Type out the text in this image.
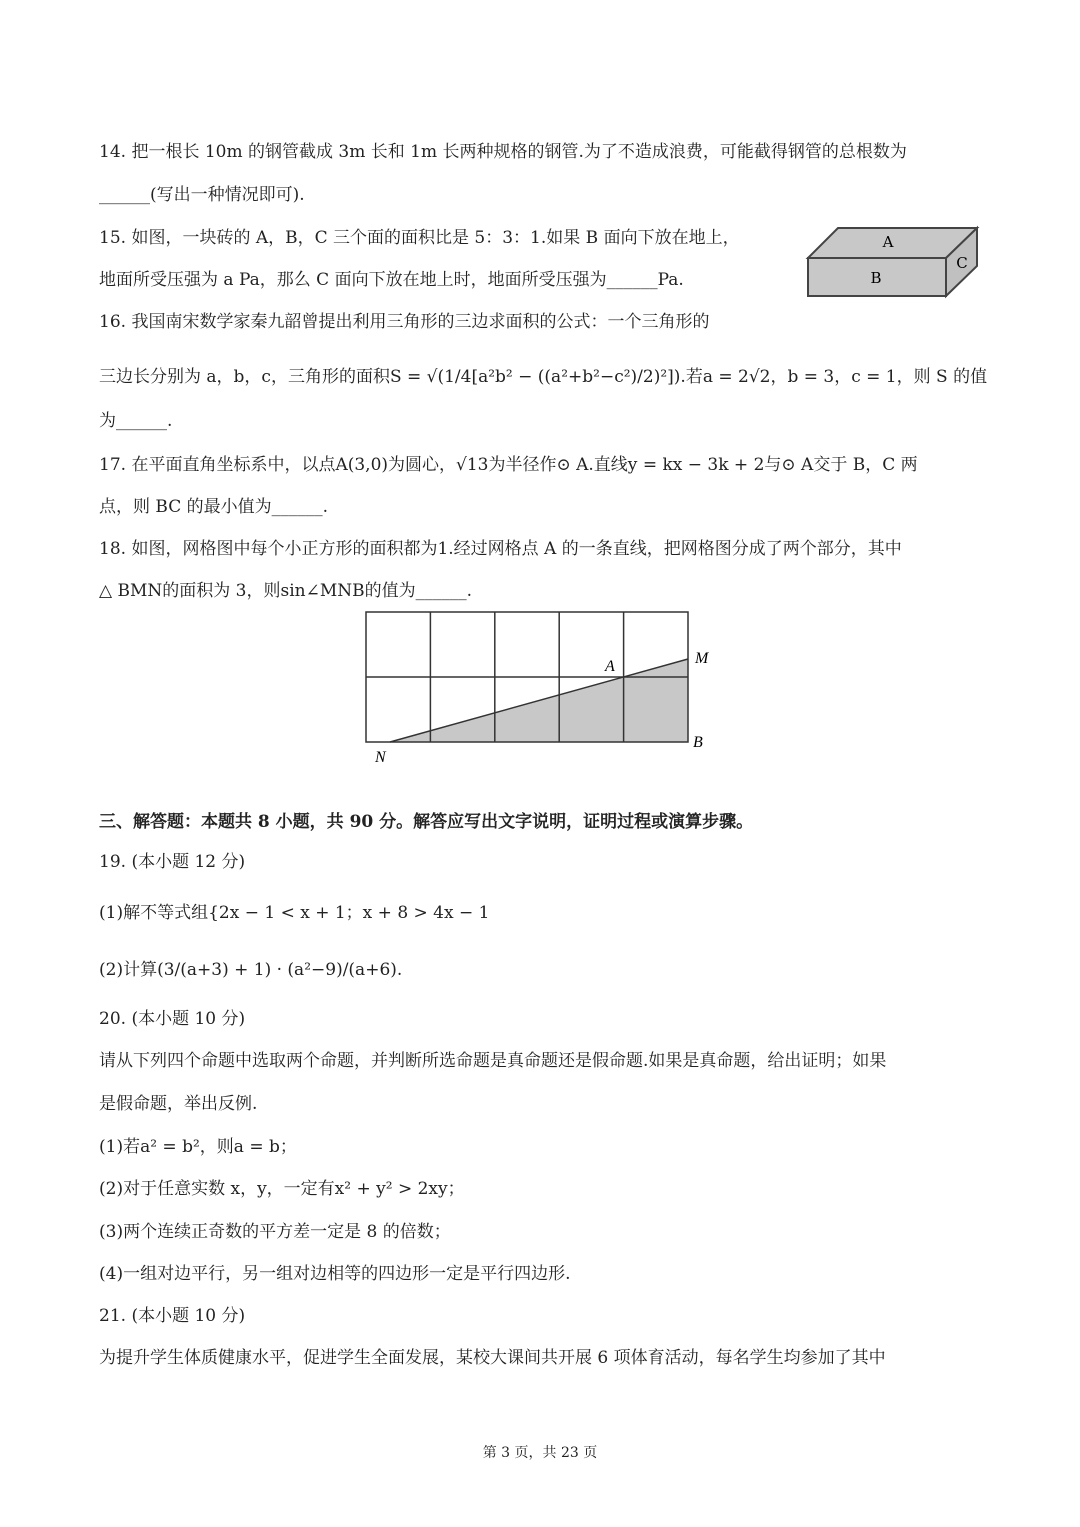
14. 把一根长 10m 的钢管截成 3m 长和 1m 长两种规格的钢管.为了不造成浪费，可能截得钢管的总根数为
______(写出一种情况即可).
15. 如图，一块砖的 A，B，C 三个面的面积比是 5：3：1.如果 B 面向下放在地上，
地面所受压强为 a Pa，那么 C 面向下放在地上时，地面所受压强为______Pa.
16. 我国南宋数学家秦九韶曾提出利用三角形的三边求面积的公式：一个三角形的
三边长分别为 a，b，c，三角形的面积S = √(1/4[a²b² − ((a²+b²−c²)/2)²]).若a = 2√2，b = 3，c = 1，则 S 的值
为______.
17. 在平面直角坐标系中，以点A(3,0)为圆心，√13为半径作⊙ A.直线y = kx − 3k + 2与⊙ A交于 B，C 两
点，则 BC 的最小值为______.
18. 如图，网格图中每个小正方形的面积都为1.经过网格点 A 的一条直线，把网格图分成了两个部分，其中
△ BMN的面积为 3，则sin∠MNB的值为______.
三、解答题：本题共 8 小题，共 90 分。解答应写出文字说明，证明过程或演算步骤。
19. (本小题 12 分)
(1)解不等式组{2x − 1 < x + 1；x + 8 > 4x − 1
(2)计算(3/(a+3) + 1) · (a²−9)/(a+6).
20. (本小题 10 分)
请从下列四个命题中选取两个命题，并判断所选命题是真命题还是假命题.如果是真命题，给出证明；如果
是假命题，举出反例.
(1)若a² = b²，则a = b；
(2)对于任意实数 x，y，一定有x² + y² > 2xy；
(3)两个连续正奇数的平方差一定是 8 的倍数；
(4)一组对边平行，另一组对边相等的四边形一定是平行四边形.
21. (本小题 10 分)
为提升学生体质健康水平，促进学生全面发展，某校大课间共开展 6 项体育活动，每名学生均参加了其中
A
B
C
A	M
N
B
第 3 页，共 23 页
